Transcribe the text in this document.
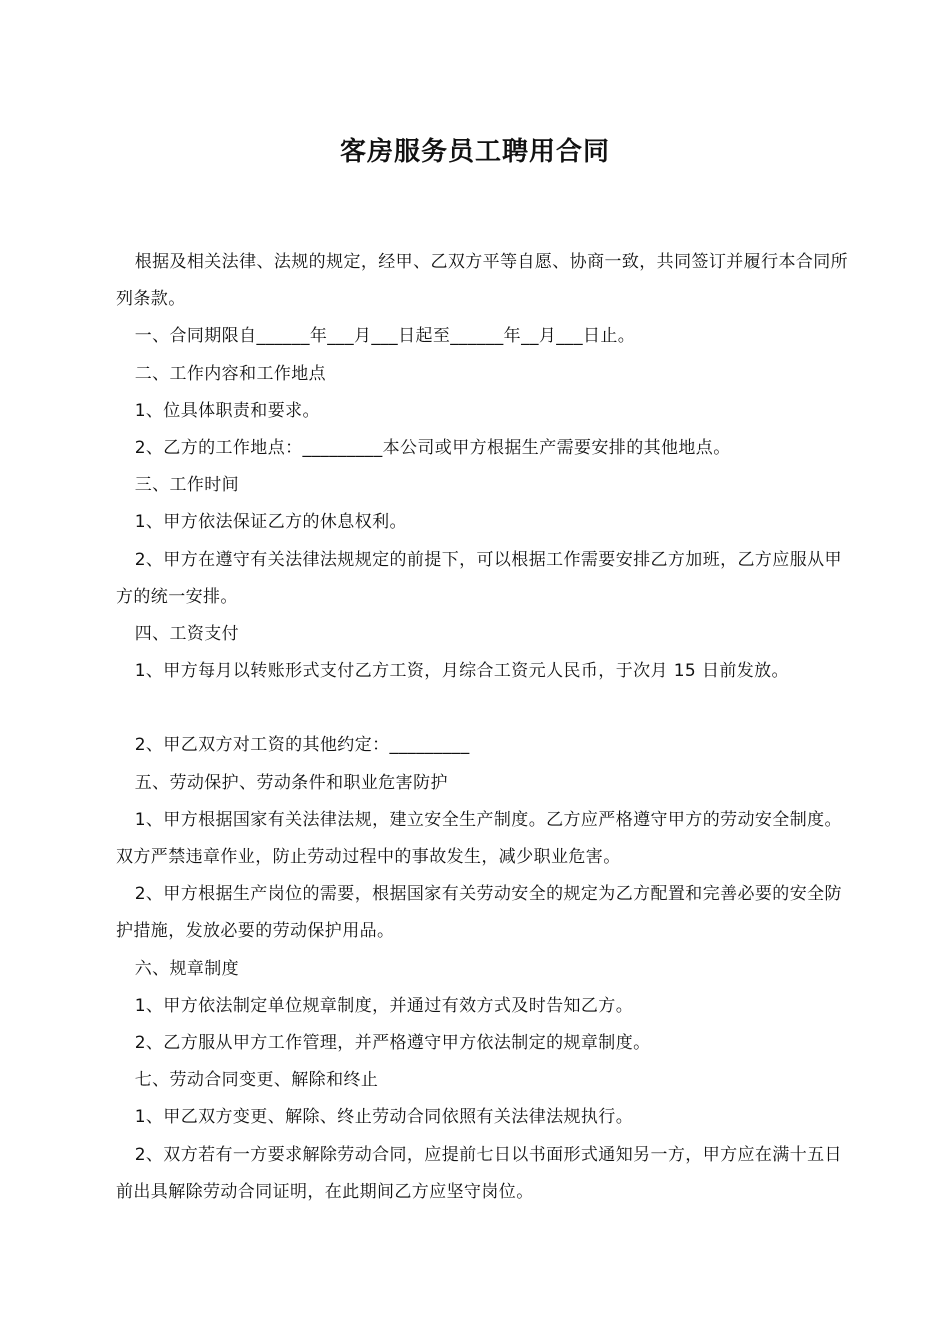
客房服务员工聘用合同

根据及相关法律、法规的规定，经甲、乙双方平等自愿、协商一致，共同签订并履行本合同所列条款。

一、合同期限自______年___月___日起至______年__月___日止。

二、工作内容和工作地点

1、位具体职责和要求。

2、乙方的工作地点：_________本公司或甲方根据生产需要安排的其他地点。

三、工作时间

1、甲方依法保证乙方的休息权利。

2、甲方在遵守有关法律法规规定的前提下，可以根据工作需要安排乙方加班，乙方应服从甲方的统一安排。

四、工资支付

1、甲方每月以转账形式支付乙方工资，月综合工资元人民币，于次月 15 日前发放。

2、甲乙双方对工资的其他约定：_________

五、劳动保护、劳动条件和职业危害防护

1、甲方根据国家有关法律法规，建立安全生产制度。乙方应严格遵守甲方的劳动安全制度。双方严禁违章作业，防止劳动过程中的事故发生，减少职业危害。

2、甲方根据生产岗位的需要，根据国家有关劳动安全的规定为乙方配置和完善必要的安全防护措施，发放必要的劳动保护用品。

六、规章制度

1、甲方依法制定单位规章制度，并通过有效方式及时告知乙方。

2、乙方服从甲方工作管理，并严格遵守甲方依法制定的规章制度。

七、劳动合同变更、解除和终止

1、甲乙双方变更、解除、终止劳动合同依照有关法律法规执行。

2、双方若有一方要求解除劳动合同，应提前七日以书面形式通知另一方，甲方应在满十五日前出具解除劳动合同证明，在此期间乙方应坚守岗位。
